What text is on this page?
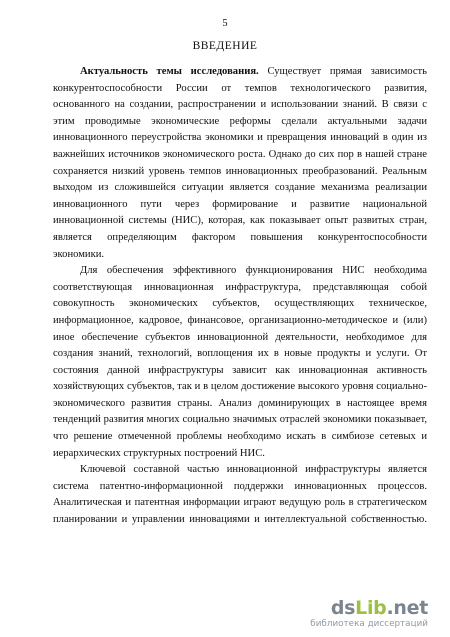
5
ВВЕДЕНИЕ
Актуальность темы исследования. Существует прямая зависимость
конкурентоспособности России от темпов технологического развития,
основанного на создании, распространении и использовании знаний. В связи с
этим проводимые экономические реформы сделали актуальными задачи
инновационного переустройства экономики и превращения инноваций в один из
важнейших источников экономического роста. Однако до сих пор в нашей стране
сохраняется низкий уровень темпов инновационных преобразований. Реальным
выходом из сложившейся ситуации является создание механизма реализации
инновационного пути через формирование и развитие национальной
инновационной системы (НИС), которая, как показывает опыт развитых стран,
является определяющим фактором повышения конкурентоспособности
экономики.
Для обеспечения эффективного функционирования НИС необходима
соответствующая инновационная инфраструктура, представляющая собой
совокупность экономических субъектов, осуществляющих техническое,
информационное, кадровое, финансовое, организационно-методическое и (или)
иное обеспечение субъектов инновационной деятельности, необходимое для
создания знаний, технологий, воплощения их в новые продукты и услуги. От
состояния данной инфраструктуры зависит как инновационная активность
хозяйствующих субъектов, так и в целом достижение высокого уровня социально-
экономического развития страны. Анализ доминирующих в настоящее время
тенденций развития многих социально значимых отраслей экономики показывает,
что решение отмеченной проблемы необходимо искать в симбиозе сетевых и
иерархических структурных построений НИС.
Ключевой составной частью инновационной инфраструктуры является
система патентно-информационной поддержки инновационных процессов.
Аналитическая и патентная информации играют ведущую роль в стратегическом
планировании и управлении инновациями и интеллектуальной собственностью.
dsLib.net
библиотека диссертаций
